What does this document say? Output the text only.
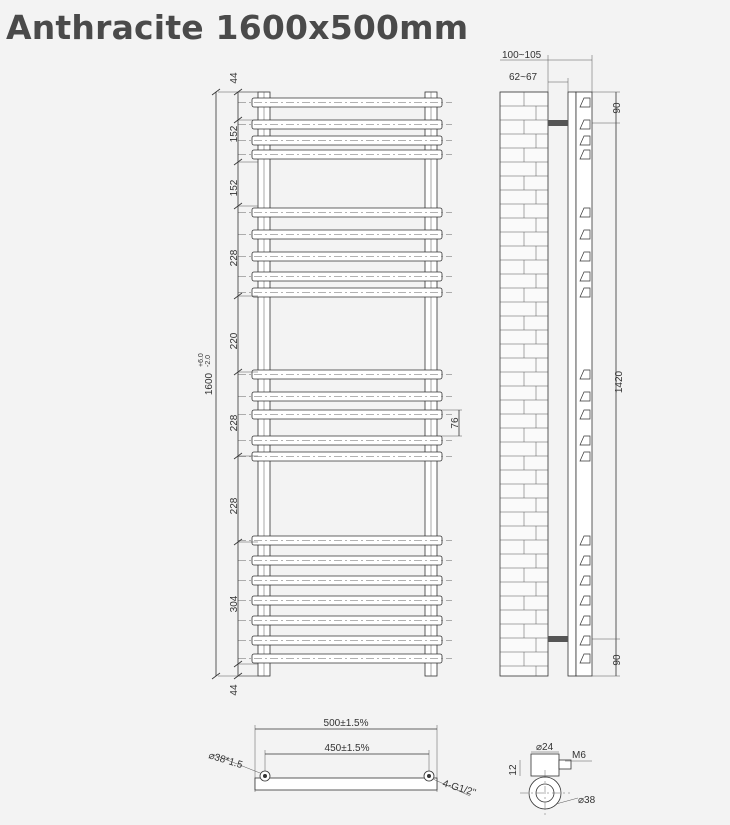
Anthracite 1600x500mm
44
152
152
228
220
228
228
304
44
1600
+6.0 -2.0
76
100~105
62~67
90
1420
90
500±1.5%
450±1.5%
⌀38*1.5
4-G1/2"
⌀24
M6
12
⌀38
